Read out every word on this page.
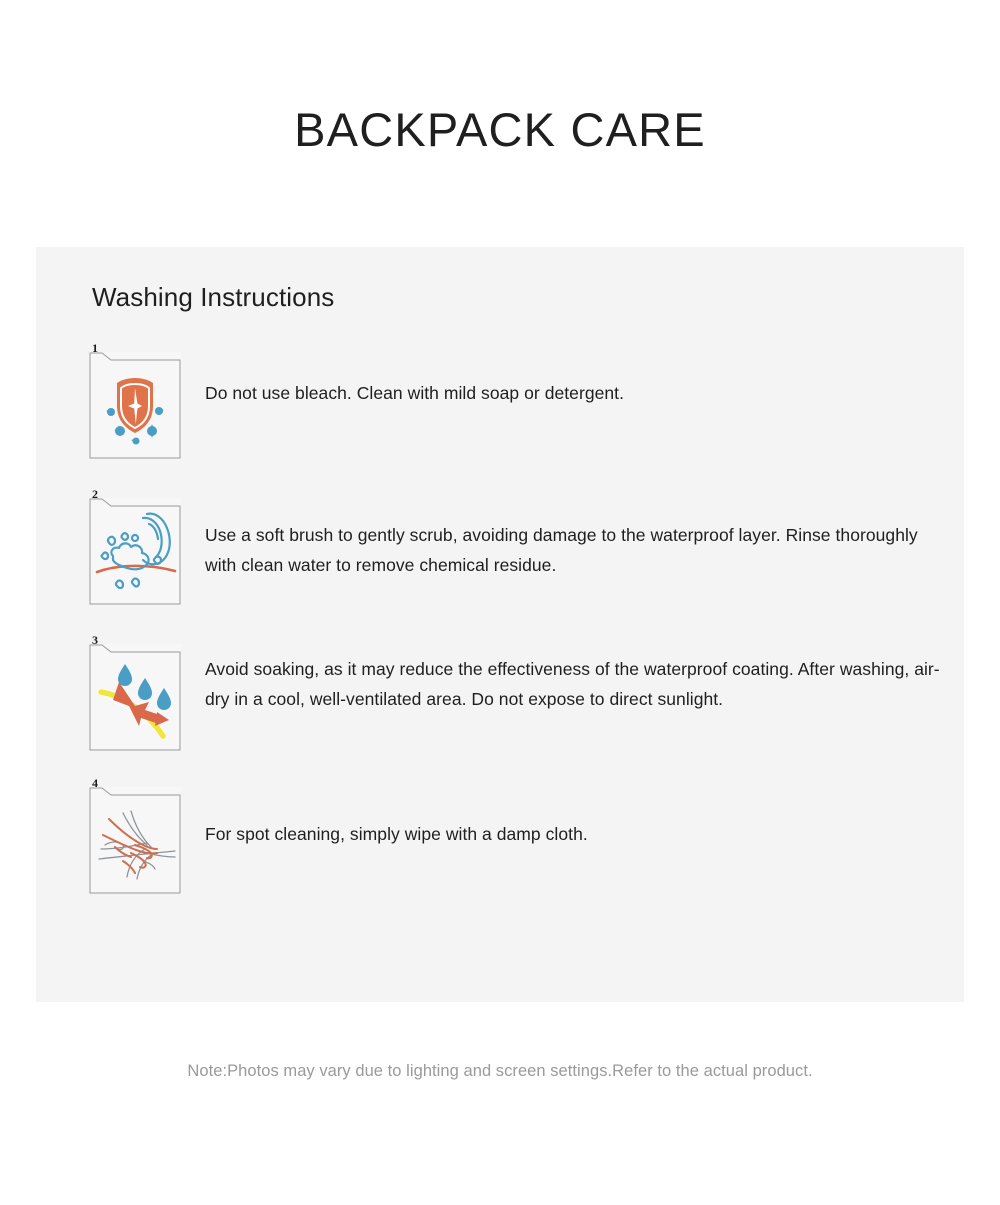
BACKPACK CARE
Washing Instructions
1

Do not use bleach. Clean with mild soap or detergent.

2

Use a soft brush to gently scrub, avoiding damage to the waterproof layer. Rinse thoroughly with clean water to remove chemical residue.

3

Avoid soaking, as it may reduce the effectiveness of the waterproof coating. After washing, air-dry in a cool, well-ventilated area. Do not expose to direct sunlight.

4

For spot cleaning, simply wipe with a damp cloth.

Note:Photos may vary due to lighting and screen settings.Refer to the actual product.
